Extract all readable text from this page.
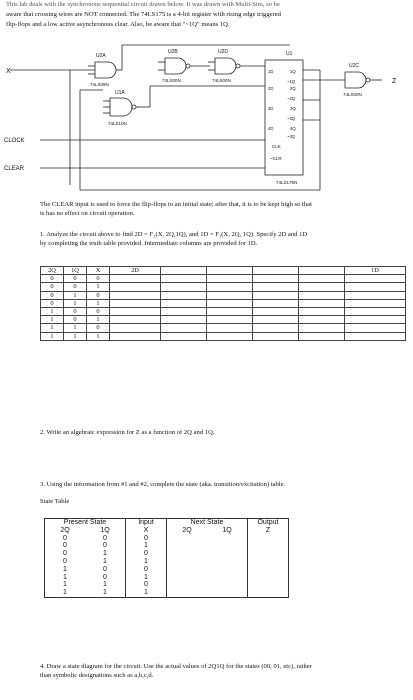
This lab deals with the synchronous sequential circuit drawn below. It was drawn with Multi-Sim, so be

aware that crossing wires are NOT connected. The 74LS175 is a 4-bit register with rising edge triggered

flip-flops and a low active asynchronous clear. Also, be aware that "~1Q" means 1Q.

X
Z
CLOCK
CLEAR
U2A
74LS09N
U2B
74LS00N
U2D
74LS00N
U1A
74LS10N
U1
74LS175N
U2C
74LS00N
1D	1Q
~1Q
2D	2Q
~2Q
3D	3Q
~3Q
4D	4Q
~4Q
CLK
~CLR

The CLEAR input is used to force the flip-flops to an initial state; after that, it is to be kept high so that

is has no effect on circuit operation.

1. Analyze the circuit above to find 2D = F₂(X, 2Q,1Q), and 1D = F₁(X, 2Q, 1Q). Specify 2D and 1D

by completing the truth table provided. Intermediate columns are provided for 1D.

2Q	1Q	X	2D					1D
0	0	0						
0	0	1						
0	1	0						
0	1	1						
1	0	0						
1	0	1						
1	1	0						
1	1	1						

2. Write an algebraic expression for Z as a function of 2Q and 1Q.

3. Using the information from #1 and #2, complete the state (aka. transition/excitation) table.

State Table
Present State		Input	Next State		Output
2Q	1Q	X	2Q	1Q	Z
0	0	0			
0	0	1			
0	1	0			
0	1	1			
1	0	0			
1	0	1			
1	1	0			
1	1	1			

4. Draw a state diagram for the circuit. Use the actual values of 2Q1Q for the states (00, 01, etc), rather

than symbolic designations such as a,b,c,d.
